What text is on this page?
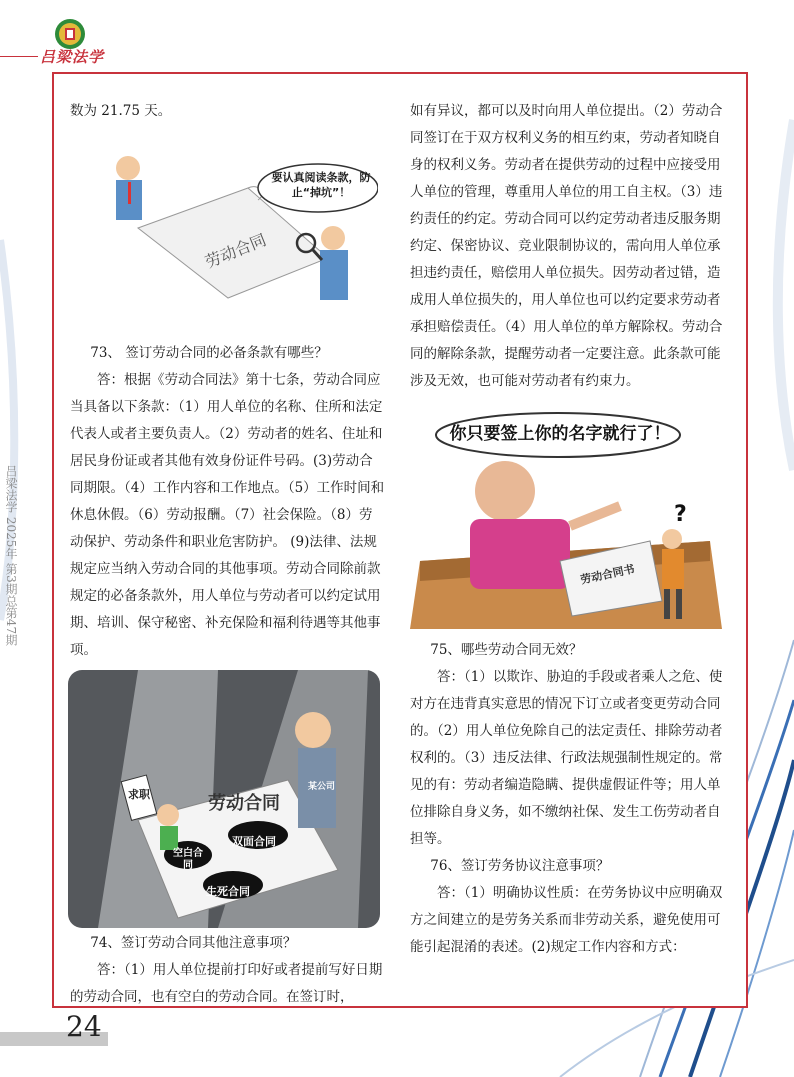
吕梁法学
吕梁法学 2025年 第3期总第47期

数为 21.75 天。

劳动合同
要认真阅读条款，防止“掉坑”！

73、 签订劳动合同的必备条款有哪些？

答：根据《劳动合同法》第十七条，劳动合同应当具备以下条款：（1）用人单位的名称、住所和法定代表人或者主要负责人。（2）劳动者的姓名、住址和居民身份证或者其他有效身份证件号码。(3)劳动合同期限。（4）工作内容和工作地点。（5）工作时间和休息休假。（6）劳动报酬。（7）社会保险。（8）劳动保护、劳动条件和职业危害防护。 (9)法律、法规规定应当纳入劳动合同的其他事项。劳动合同除前款规定的必备条款外，用人单位与劳动者可以约定试用期、培训、保守秘密、补充保险和福利待遇等其他事项。

劳动合同
求职
某公司
空白合同
双面合同
生死合同

74、签订劳动合同其他注意事项？

答：（1）用人单位提前打印好或者提前写好日期的劳动合同，也有空白的劳动合同。在签订时，

如有异议，都可以及时向用人单位提出。（2）劳动合同签订在于双方权利义务的相互约束，劳动者知晓自身的权利义务。劳动者在提供劳动的过程中应接受用人单位的管理，尊重用人单位的用工自主权。（3）违约责任的约定。劳动合同可以约定劳动者违反服务期约定、保密协议、竞业限制协议的，需向用人单位承担违约责任，赔偿用人单位损失。因劳动者过错，造成用人单位损失的，用人单位也可以约定要求劳动者承担赔偿责任。（4）用人单位的单方解除权。劳动合同的解除条款，提醒劳动者一定要注意。此条款可能涉及无效，也可能对劳动者有约束力。

你只要签上你的名字就行了！
劳动合同书
?

75、哪些劳动合同无效？

答：（1）以欺诈、胁迫的手段或者乘人之危、使对方在违背真实意思的情况下订立或者变更劳动合同的。（2）用人单位免除自己的法定责任、排除劳动者权利的。（3）违反法律、行政法规强制性规定的。常见的有：劳动者编造隐瞒、提供虚假证件等；用人单位排除自身义务，如不缴纳社保、发生工伤劳动者自担等。

76、签订劳务协议注意事项？

答：（1）明确协议性质：在劳务协议中应明确双方之间建立的是劳务关系而非劳动关系，避免使用可能引起混淆的表述。(2)规定工作内容和方式：

24
